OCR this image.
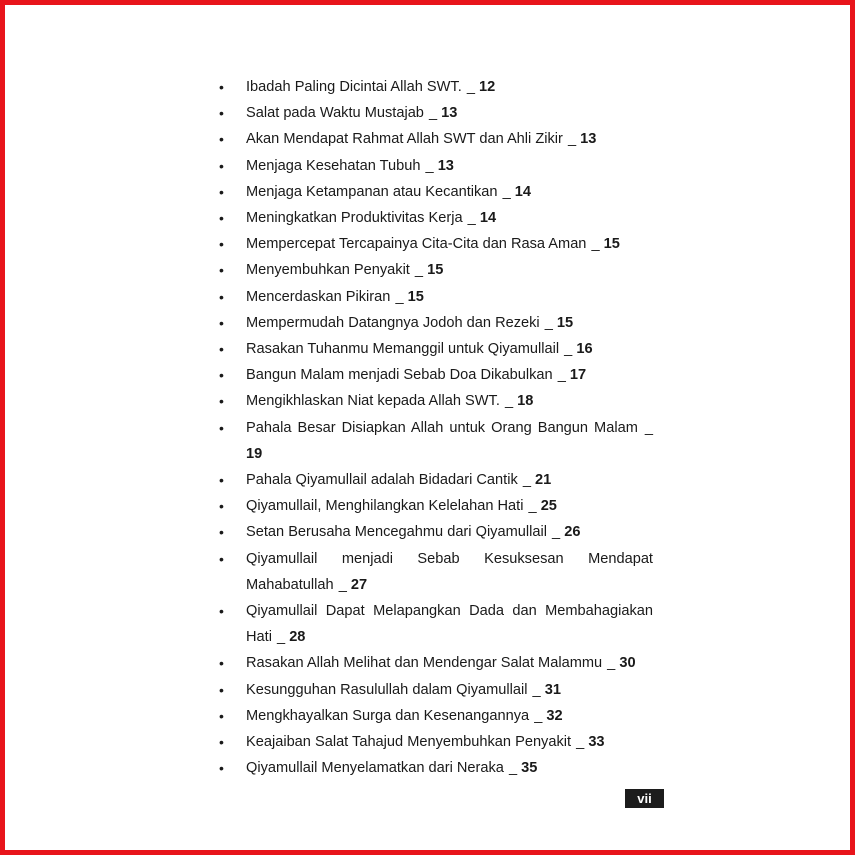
• Ibadah Paling Dicintai Allah SWT. _ 12
• Salat pada Waktu Mustajab _ 13
• Akan Mendapat Rahmat Allah SWT dan Ahli Zikir _ 13
• Menjaga Kesehatan Tubuh _ 13
• Menjaga Ketampanan atau Kecantikan _ 14
• Meningkatkan Produktivitas Kerja _ 14
• Mempercepat Tercapainya Cita-Cita dan Rasa Aman _ 15
• Menyembuhkan Penyakit _ 15
• Mencerdaskan Pikiran _ 15
• Mempermudah Datangnya Jodoh dan Rezeki _ 15
• Rasakan Tuhanmu Memanggil untuk Qiyamullail _ 16
• Bangun Malam menjadi Sebab Doa Dikabulkan _ 17
• Mengikhlaskan Niat kepada Allah SWT. _ 18
• Pahala Besar Disiapkan Allah untuk Orang Bangun Malam _ 19
• Pahala Qiyamullail adalah Bidadari Cantik _ 21
• Qiyamullail, Menghilangkan Kelelahan Hati _ 25
• Setan Berusaha Mencegahmu dari Qiyamullail _ 26
• Qiyamullail menjadi Sebab Kesuksesan Mendapat Mahabatullah _ 27
• Qiyamullail Dapat Melapangkan Dada dan Membahagiakan Hati _ 28
• Rasakan Allah Melihat dan Mendengar Salat Malammu _ 30
• Kesungguhan Rasulullah dalam Qiyamullail _ 31
• Mengkhayalkan Surga dan Kesenangannya _ 32
• Keajaiban Salat Tahajud Menyembuhkan Penyakit _ 33
• Qiyamullail Menyelamatkan dari Neraka _ 35
vii
